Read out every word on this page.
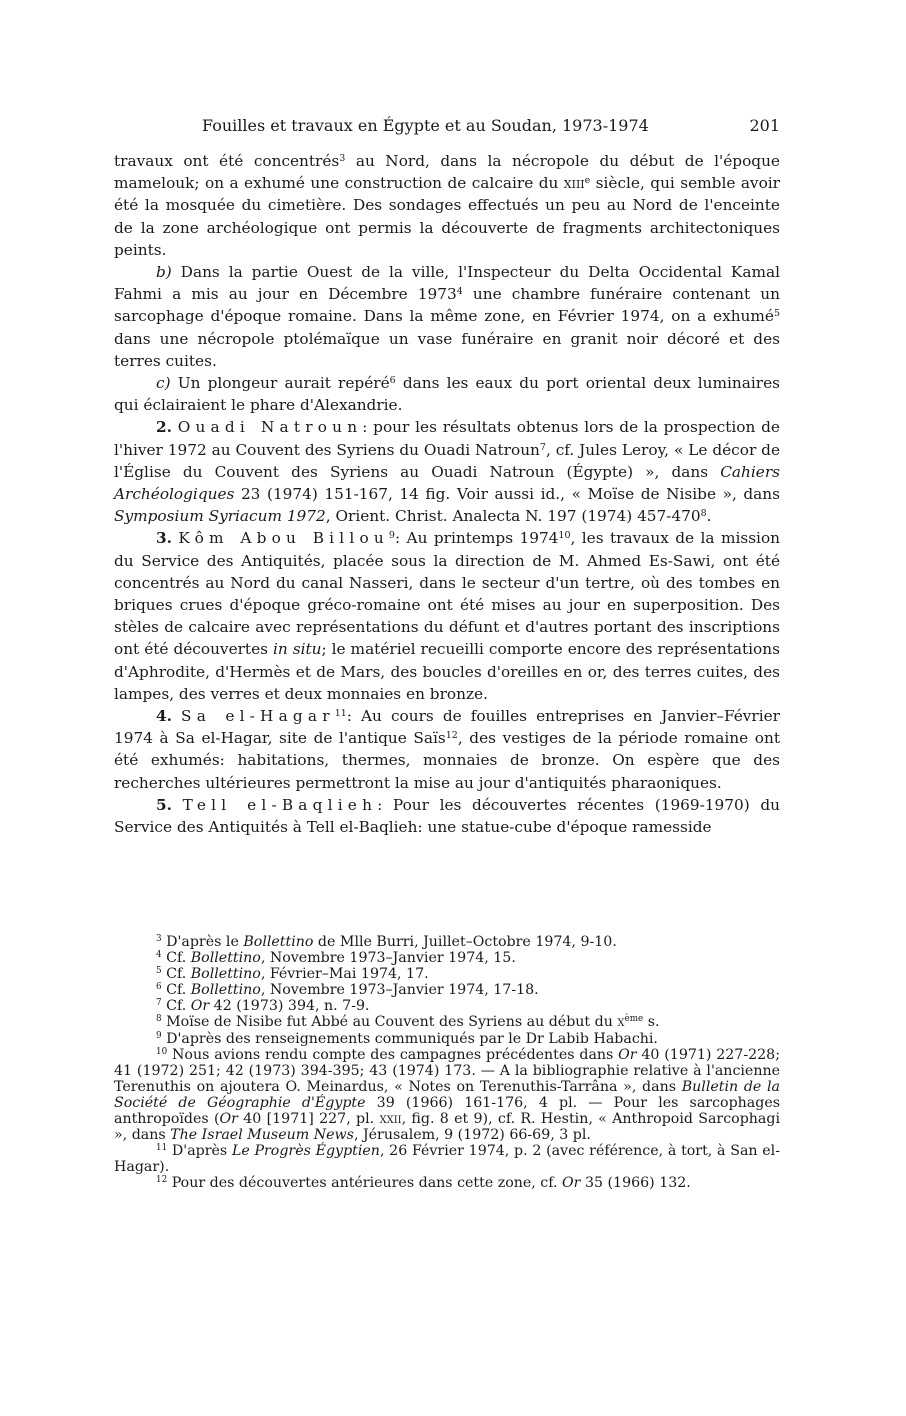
Fouilles et travaux en Égypte et au Soudan, 1973-1974	201

travaux ont été concentrés$^3$ au Nord, dans la nécropole du début de l'époque mamelouk; on a exhumé une construction de calcaire du xiii$^e$ siècle, qui semble avoir été la mosquée du cimetière. Des sondages effectués un peu au Nord de l'enceinte de la zone archéologique ont permis la découverte de fragments architectoniques peints.

b) Dans la partie Ouest de la ville, l'Inspecteur du Delta Occidental Kamal Fahmi a mis au jour en Décembre 1973$^4$ une chambre funéraire contenant un sarcophage d'époque romaine. Dans la même zone, en Février 1974, on a exhumé$^5$ dans une nécropole ptolémaïque un vase funéraire en granit noir décoré et des terres cuites.

c) Un plongeur aurait repéré$^6$ dans les eaux du port oriental deux luminaires qui éclairaient le phare d'Alexandrie.

2. Ouadi Natroun: pour les résultats obtenus lors de la prospection de l'hiver 1972 au Couvent des Syriens du Ouadi Natroun$^7$, cf. Jules Leroy, « Le décor de l'Église du Couvent des Syriens au Ouadi Natroun (Égypte) », dans Cahiers Archéologiques 23 (1974) 151-167, 14 fig. Voir aussi id., « Moïse de Nisibe », dans Symposium Syriacum 1972, Orient. Christ. Analecta N. 197 (1974) $457-470^8$.

3. Kôm Abou Billou$^9$: Au printemps 1974$^{10}$, les travaux de la mission du Service des Antiquités, placée sous la direction de M. Ahmed Es-Sawi, ont été concentrés au Nord du canal Nasseri, dans le secteur d'un tertre, où des tombes en briques crues d'époque gréco-romaine ont été mises au jour en superposition. Des stèles de calcaire avec représentations du défunt et d'autres portant des inscriptions ont été découvertes in situ; le matériel recueilli comporte encore des représentations d'Aphrodite, d'Hermès et de Mars, des boucles d'oreilles en or, des terres cuites, des lampes, des verres et deux monnaies en bronze.

4. Sa el-Hagar$^{11}$: Au cours de fouilles entreprises en Janvier–Février 1974 à Sa el-Hagar, site de l'antique Saïs$^{12}$, des vestiges de la période romaine ont été exhumés: habitations, thermes, monnaies de bronze. On espère que des recherches ultérieures permettront la mise au jour d'antiquités pharaoniques.

5. Tell el-Baqlieh: Pour les découvertes récentes (1969-1970) du Service des Antiquités à Tell el-Baqlieh: une statue-cube d'époque ramesside

$^3$ D'après le Bollettino de Mlle Burri, Juillet–Octobre 1974, 9-10.

$^4$ Cf. Bollettino, Novembre 1973–Janvier 1974, 15.

$^5$ Cf. Bollettino, Février–Mai 1974, 17.

$^6$ Cf. Bollettino, Novembre 1973–Janvier 1974, 17-18.

$^7$ Cf. Or 42 (1973) 394, n. 7-9.

$^8$ Moïse de Nisibe fut Abbé au Couvent des Syriens au début du $x^{ème}$ s.

$^9$ D'après des renseignements communiqués par le Dr Labib Habachi.

$^{10}$ Nous avions rendu compte des campagnes précédentes dans Or 40 (1971) 227-228; 41 (1972) 251; 42 (1973) 394-395; 43 (1974) 173. — A la bibliographie relative à l'ancienne Terenuthis on ajoutera O. Meinardus, « Notes on Terenuthis-Tarrâna », dans Bulletin de la Société de Géographie d'Égypte 39 (1966) 161-176, 4 pl. — Pour les sarcophages anthropoïdes (Or 40 [1971] 227, pl. xxii, fig. 8 et 9), cf. R. Hestin, « Anthropoid Sarcophagi », dans The Israel Museum News, Jérusalem, 9 (1972) 66-69, 3 pl.

$^{11}$ D'après Le Progrès Égyptien, 26 Février 1974, p. 2 (avec référence, à tort, à San el-Hagar).

$^{12}$ Pour des découvertes antérieures dans cette zone, cf. Or 35 (1966) 132.
